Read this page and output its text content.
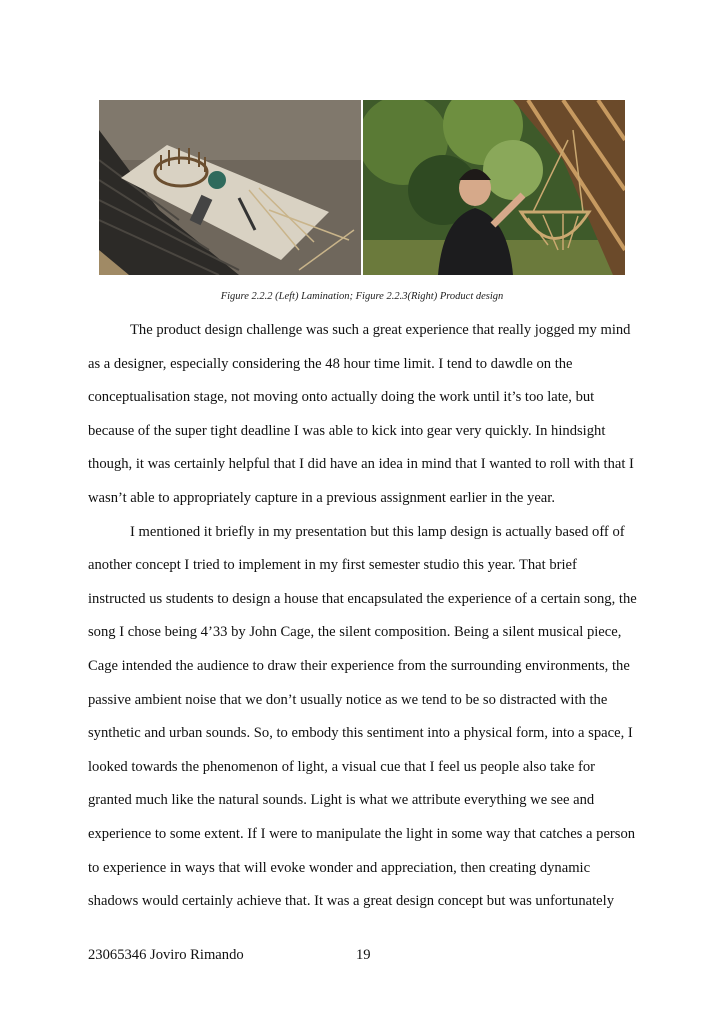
Figure 2.2.2 (Left) Lamination; Figure 2.2.3(Right) Product design
The product design challenge was such a great experience that really jogged my mind
as a designer, especially considering the 48 hour time limit. I tend to dawdle on the
conceptualisation stage, not moving onto actually doing the work until it’s too late, but
because of the super tight deadline I was able to kick into gear very quickly. In hindsight
though, it was certainly helpful that I did have an idea in mind that I wanted to roll with that I
wasn’t able to appropriately capture in a previous assignment earlier in the year.
I mentioned it briefly in my presentation but this lamp design is actually based off of
another concept I tried to implement in my first semester studio this year. That brief
instructed us students to design a house that encapsulated the experience of a certain song, the
song I chose being 4’33 by John Cage, the silent composition. Being a silent musical piece,
Cage intended the audience to draw their experience from the surrounding environments, the
passive ambient noise that we don’t usually notice as we tend to be so distracted with the
synthetic and urban sounds. So, to embody this sentiment into a physical form, into a space, I
looked towards the phenomenon of light, a visual cue that I feel us people also take for
granted much like the natural sounds. Light is what we attribute everything we see and
experience to some extent. If I were to manipulate the light in some way that catches a person
to experience in ways that will evoke wonder and appreciation, then creating dynamic
shadows would certainly achieve that. It was a great design concept but was unfortunately
23065346 Joviro Rimando	19
